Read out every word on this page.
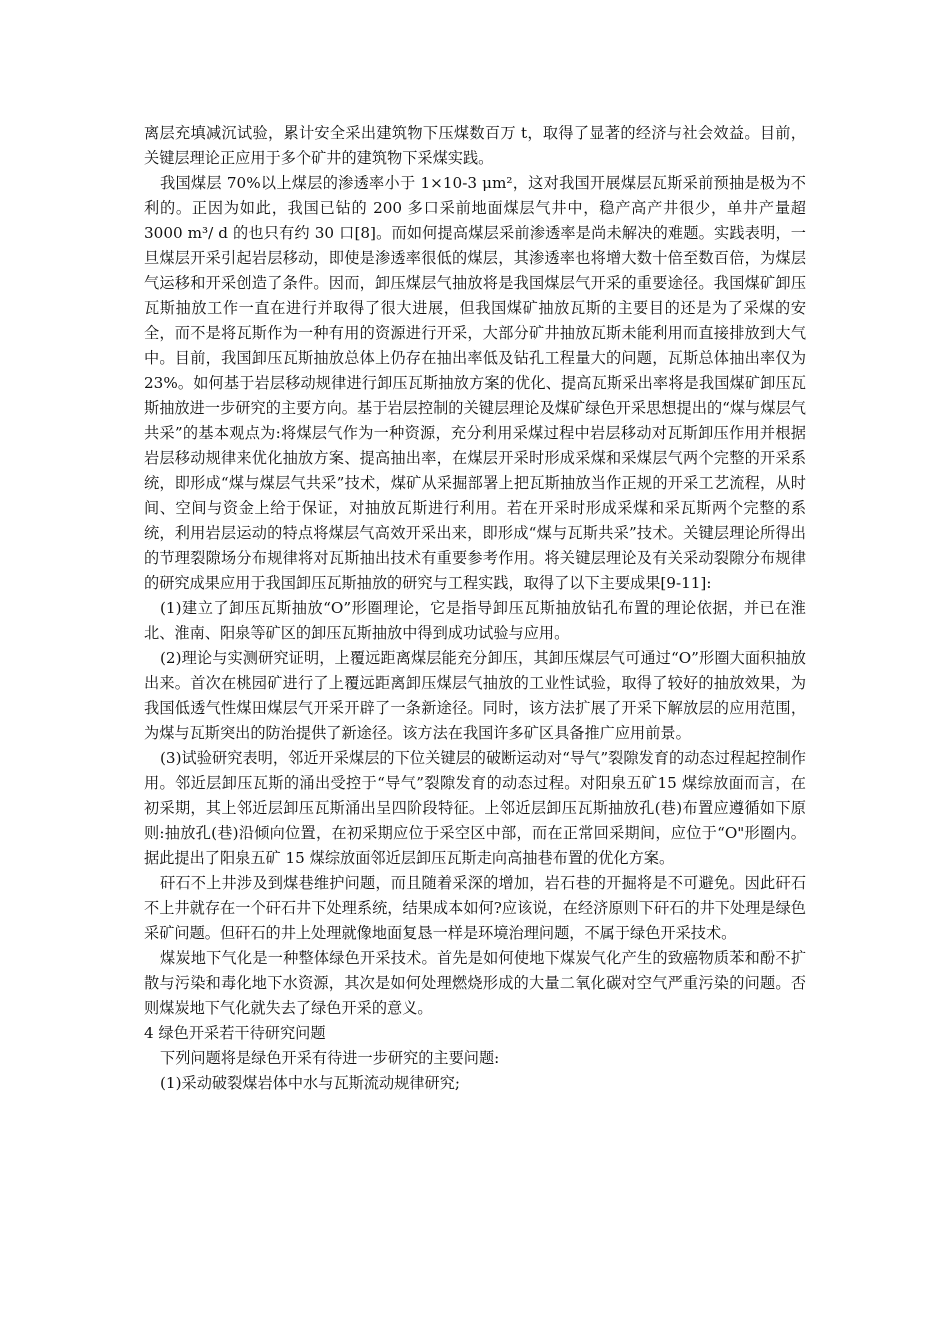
离层充填减沉试验，累计安全采出建筑物下压煤数百万 t，取得了显著的经济与社会效益。目前，关键层理论正应用于多个矿井的建筑物下采煤实践。

我国煤层 70%以上煤层的渗透率小于 1×10-3 μm²，这对我国开展煤层瓦斯采前预抽是极为不利的。正因为如此，我国已钻的 200 多口采前地面煤层气井中，稳产高产井很少，单井产量超 3000 m³/ d 的也只有约 30 口[8]。而如何提高煤层采前渗透率是尚未解决的难题。实践表明，一旦煤层开采引起岩层移动，即使是渗透率很低的煤层，其渗透率也将增大数十倍至数百倍，为煤层气运移和开采创造了条件。因而，卸压煤层气抽放将是我国煤层气开采的重要途径。我国煤矿卸压瓦斯抽放工作一直在进行并取得了很大进展，但我国煤矿抽放瓦斯的主要目的还是为了采煤的安全，而不是将瓦斯作为一种有用的资源进行开采，大部分矿井抽放瓦斯未能利用而直接排放到大气中。目前，我国卸压瓦斯抽放总体上仍存在抽出率低及钻孔工程量大的问题，瓦斯总体抽出率仅为 23%。如何基于岩层移动规律进行卸压瓦斯抽放方案的优化、提高瓦斯采出率将是我国煤矿卸压瓦斯抽放进一步研究的主要方向。基于岩层控制的关键层理论及煤矿绿色开采思想提出的“煤与煤层气共采”的基本观点为:将煤层气作为一种资源，充分利用采煤过程中岩层移动对瓦斯卸压作用并根据岩层移动规律来优化抽放方案、提高抽出率，在煤层开采时形成采煤和采煤层气两个完整的开采系统，即形成“煤与煤层气共采”技术，煤矿从采掘部署上把瓦斯抽放当作正规的开采工艺流程，从时间、空间与资金上给于保证，对抽放瓦斯进行利用。若在开采时形成采煤和采瓦斯两个完整的系统，利用岩层运动的特点将煤层气高效开采出来，即形成“煤与瓦斯共采”技术。关键层理论所得出的节理裂隙场分布规律将对瓦斯抽出技术有重要参考作用。将关键层理论及有关采动裂隙分布规律的研究成果应用于我国卸压瓦斯抽放的研究与工程实践，取得了以下主要成果[9-11]:

(1)建立了卸压瓦斯抽放“O”形圈理论，它是指导卸压瓦斯抽放钻孔布置的理论依据，并已在淮北、淮南、阳泉等矿区的卸压瓦斯抽放中得到成功试验与应用。

(2)理论与实测研究证明，上覆远距离煤层能充分卸压，其卸压煤层气可通过“O”形圈大面积抽放出来。首次在桃园矿进行了上覆远距离卸压煤层气抽放的工业性试验，取得了较好的抽放效果，为我国低透气性煤田煤层气开采开辟了一条新途径。同时，该方法扩展了开采下解放层的应用范围，为煤与瓦斯突出的防治提供了新途径。该方法在我国许多矿区具备推广应用前景。

(3)试验研究表明，邻近开采煤层的下位关键层的破断运动对“导气”裂隙发育的动态过程起控制作用。邻近层卸压瓦斯的涌出受控于“导气”裂隙发育的动态过程。对阳泉五矿15 煤综放面而言，在初采期，其上邻近层卸压瓦斯涌出呈四阶段特征。上邻近层卸压瓦斯抽放孔(巷)布置应遵循如下原则:抽放孔(巷)沿倾向位置，在初采期应位于采空区中部，而在正常回采期间，应位于“O"形圈内。据此提出了阳泉五矿 15 煤综放面邻近层卸压瓦斯走向高抽巷布置的优化方案。

矸石不上井涉及到煤巷维护问题，而且随着采深的增加，岩石巷的开掘将是不可避免。因此矸石不上井就存在一个矸石井下处理系统，结果成本如何?应该说，在经济原则下矸石的井下处理是绿色采矿问题。但矸石的井上处理就像地面复恳一样是环境治理问题，不属于绿色开采技术。

煤炭地下气化是一种整体绿色开采技术。首先是如何使地下煤炭气化产生的致癌物质苯和酚不扩散与污染和毒化地下水资源，其次是如何处理燃烧形成的大量二氧化碳对空气严重污染的问题。否则煤炭地下气化就失去了绿色开采的意义。

4 绿色开采若干待研究问题

下列问题将是绿色开采有待进一步研究的主要问题:

(1)采动破裂煤岩体中水与瓦斯流动规律研究;
